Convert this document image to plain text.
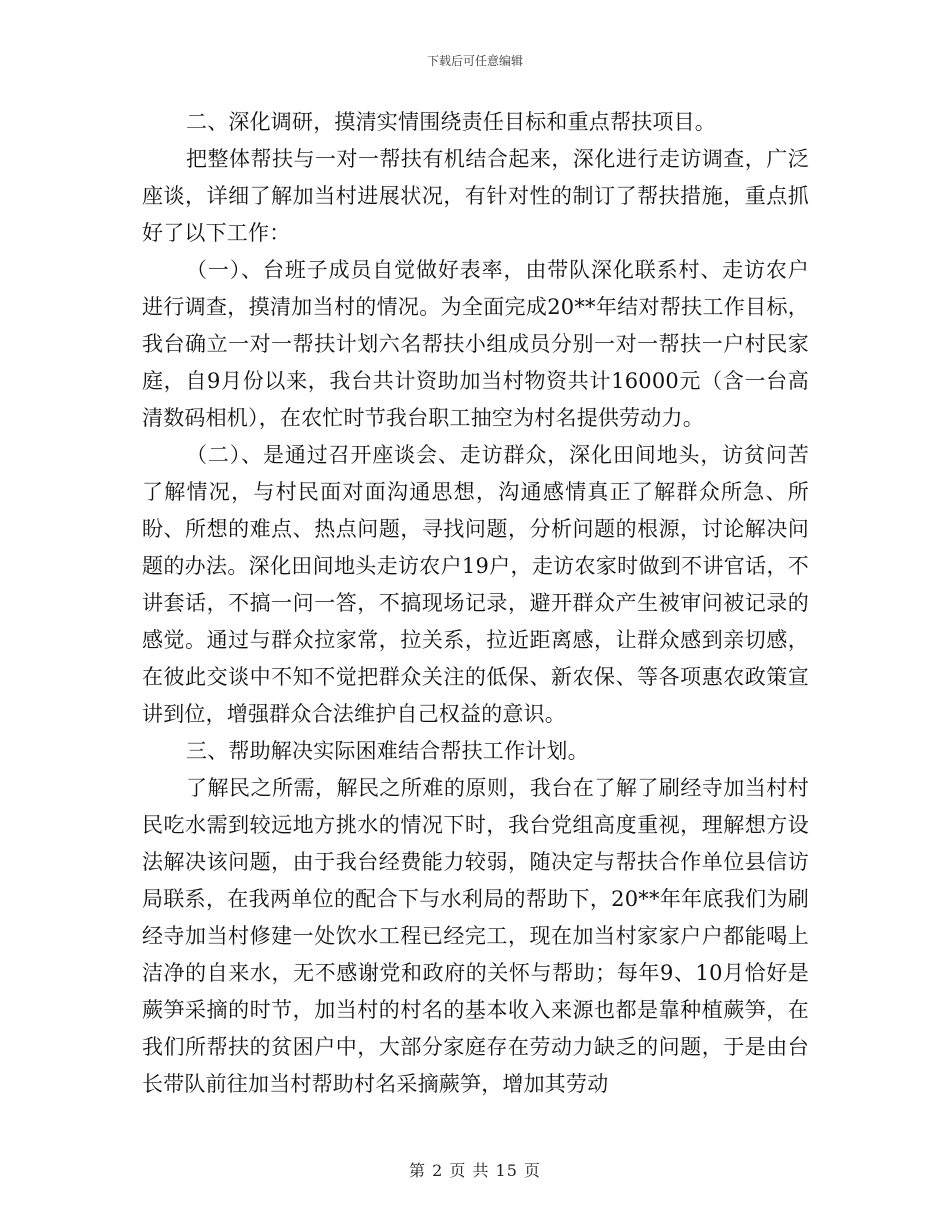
下载后可任意编辑

二、深化调研，摸清实情围绕责任目标和重点帮扶项目。

把整体帮扶与一对一帮扶有机结合起来，深化进行走访调查，广泛座谈，详细了解加当村进展状况，有针对性的制订了帮扶措施，重点抓好了以下工作：

（一）、台班子成员自觉做好表率，由带队深化联系村、走访农户进行调查，摸清加当村的情况。为全面完成20**年结对帮扶工作目标，我台确立一对一帮扶计划六名帮扶小组成员分别一对一帮扶一户村民家庭，自9月份以来，我台共计资助加当村物资共计16000元（含一台高清数码相机），在农忙时节我台职工抽空为村名提供劳动力。

（二）、是通过召开座谈会、走访群众，深化田间地头，访贫问苦了解情况，与村民面对面沟通思想，沟通感情真正了解群众所急、所盼、所想的难点、热点问题，寻找问题，分析问题的根源，讨论解决问题的办法。深化田间地头走访农户19户，走访农家时做到不讲官话，不讲套话，不搞一问一答，不搞现场记录，避开群众产生被审问被记录的感觉。通过与群众拉家常，拉关系，拉近距离感，让群众感到亲切感，在彼此交谈中不知不觉把群众关注的低保、新农保、等各项惠农政策宣讲到位，增强群众合法维护自己权益的意识。

三、帮助解决实际困难结合帮扶工作计划。

了解民之所需，解民之所难的原则，我台在了解了刷经寺加当村村民吃水需到较远地方挑水的情况下时，我台党组高度重视，理解想方设法解决该问题，由于我台经费能力较弱，随决定与帮扶合作单位县信访局联系，在我两单位的配合下与水利局的帮助下，20**年年底我们为刷经寺加当村修建一处饮水工程已经完工，现在加当村家家户户都能喝上洁净的自来水，无不感谢党和政府的关怀与帮助；每年9、10月恰好是蕨笋采摘的时节，加当村的村名的基本收入来源也都是靠种植蕨笋，在我们所帮扶的贫困户中，大部分家庭存在劳动力缺乏的问题，于是由台长带队前往加当村帮助村名采摘蕨笋，增加其劳动

第 2 页 共 15 页
